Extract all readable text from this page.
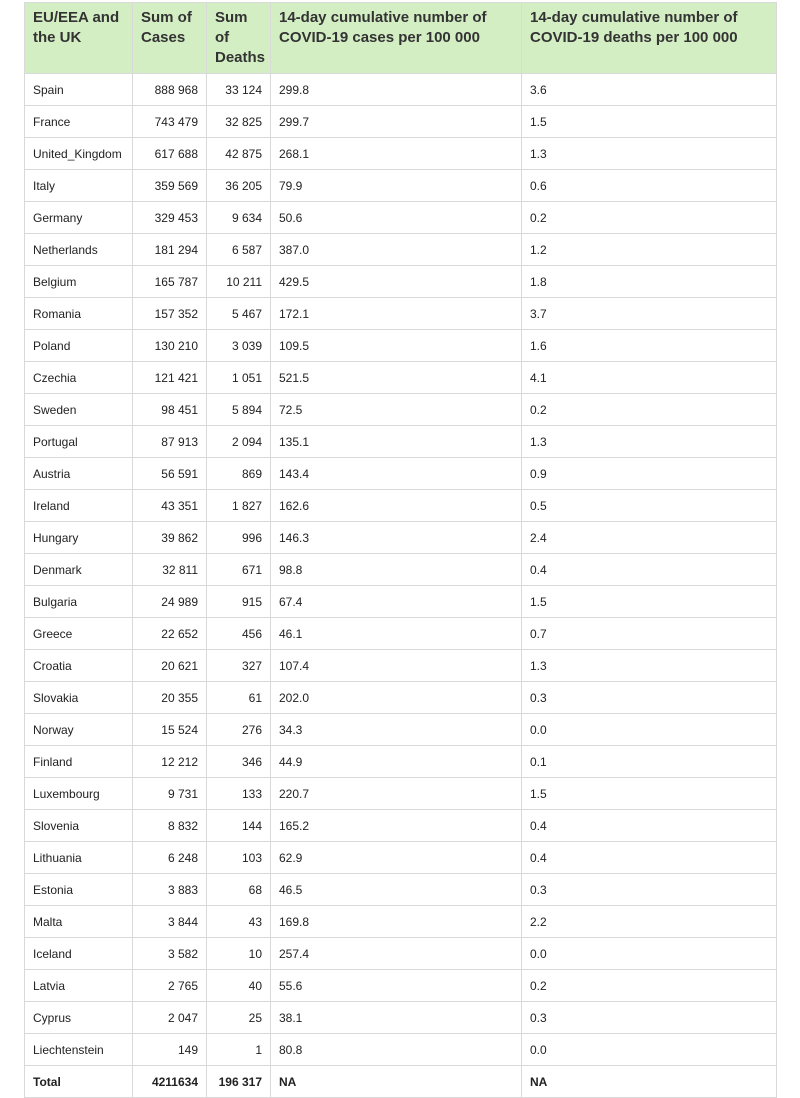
EU/EEA and the UK	Sum of Cases	Sum of Deaths	14-day cumulative number of COVID-19 cases per 100 000	14-day cumulative number of COVID-19 deaths per 100 000
Spain	888 968	33 124	299.8	3.6
France	743 479	32 825	299.7	1.5
United_Kingdom	617 688	42 875	268.1	1.3
Italy	359 569	36 205	79.9	0.6
Germany	329 453	9 634	50.6	0.2
Netherlands	181 294	6 587	387.0	1.2
Belgium	165 787	10 211	429.5	1.8
Romania	157 352	5 467	172.1	3.7
Poland	130 210	3 039	109.5	1.6
Czechia	121 421	1 051	521.5	4.1
Sweden	98 451	5 894	72.5	0.2
Portugal	87 913	2 094	135.1	1.3
Austria	56 591	869	143.4	0.9
Ireland	43 351	1 827	162.6	0.5
Hungary	39 862	996	146.3	2.4
Denmark	32 811	671	98.8	0.4
Bulgaria	24 989	915	67.4	1.5
Greece	22 652	456	46.1	0.7
Croatia	20 621	327	107.4	1.3
Slovakia	20 355	61	202.0	0.3
Norway	15 524	276	34.3	0.0
Finland	12 212	346	44.9	0.1
Luxembourg	9 731	133	220.7	1.5
Slovenia	8 832	144	165.2	0.4
Lithuania	6 248	103	62.9	0.4
Estonia	3 883	68	46.5	0.3
Malta	3 844	43	169.8	2.2
Iceland	3 582	10	257.4	0.0
Latvia	2 765	40	55.6	0.2
Cyprus	2 047	25	38.1	0.3
Liechtenstein	149	1	80.8	0.0
Total	4211634	196 317	NA	NA
